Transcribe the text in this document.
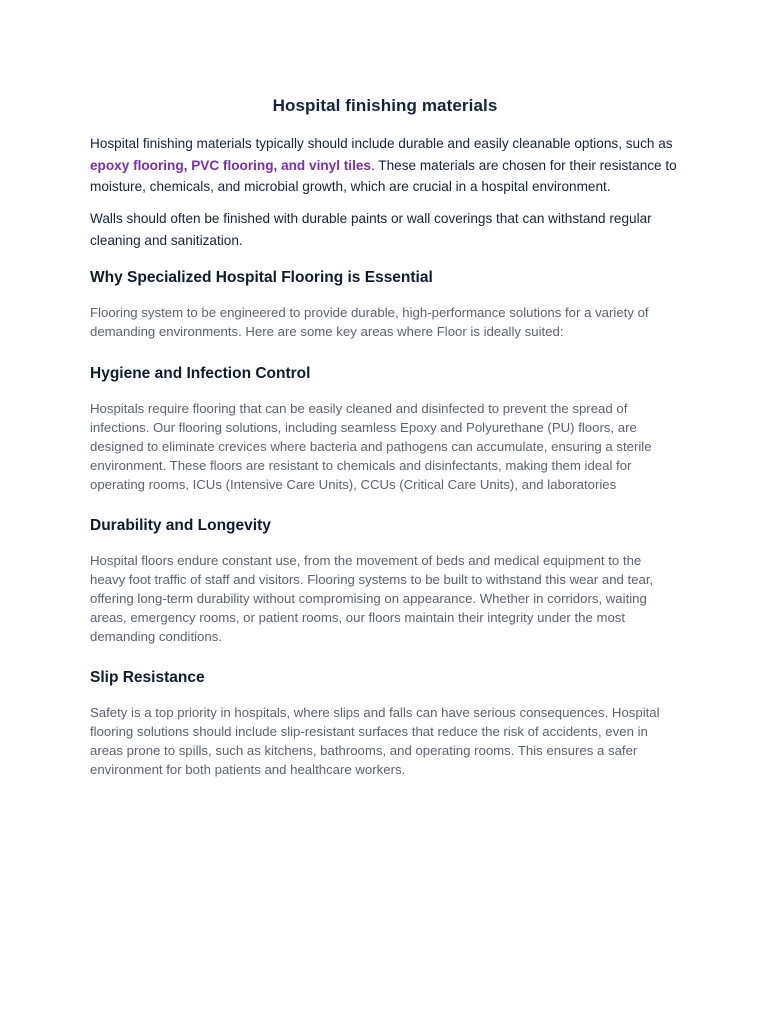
Hospital finishing materials

Hospital finishing materials typically should include durable and easily cleanable options, such as epoxy flooring, PVC flooring, and vinyl tiles. These materials are chosen for their resistance to moisture, chemicals, and microbial growth, which are crucial in a hospital environment.

Walls should often be finished with durable paints or wall coverings that can withstand regular cleaning and sanitization.

Why Specialized Hospital Flooring is Essential

Flooring system to be engineered to provide durable, high-performance solutions for a variety of demanding environments. Here are some key areas where Floor is ideally suited:

Hygiene and Infection Control

Hospitals require flooring that can be easily cleaned and disinfected to prevent the spread of infections. Our flooring solutions, including seamless Epoxy and Polyurethane (PU) floors, are designed to eliminate crevices where bacteria and pathogens can accumulate, ensuring a sterile environment. These floors are resistant to chemicals and disinfectants, making them ideal for operating rooms, ICUs (Intensive Care Units), CCUs (Critical Care Units), and laboratories

Durability and Longevity

Hospital floors endure constant use, from the movement of beds and medical equipment to the heavy foot traffic of staff and visitors. Flooring systems to be built to withstand this wear and tear, offering long-term durability without compromising on appearance. Whether in corridors, waiting areas, emergency rooms, or patient rooms, our floors maintain their integrity under the most demanding conditions.

Slip Resistance

Safety is a top priority in hospitals, where slips and falls can have serious consequences. Hospital flooring solutions should include slip-resistant surfaces that reduce the risk of accidents, even in areas prone to spills, such as kitchens, bathrooms, and operating rooms. This ensures a safer environment for both patients and healthcare workers.
